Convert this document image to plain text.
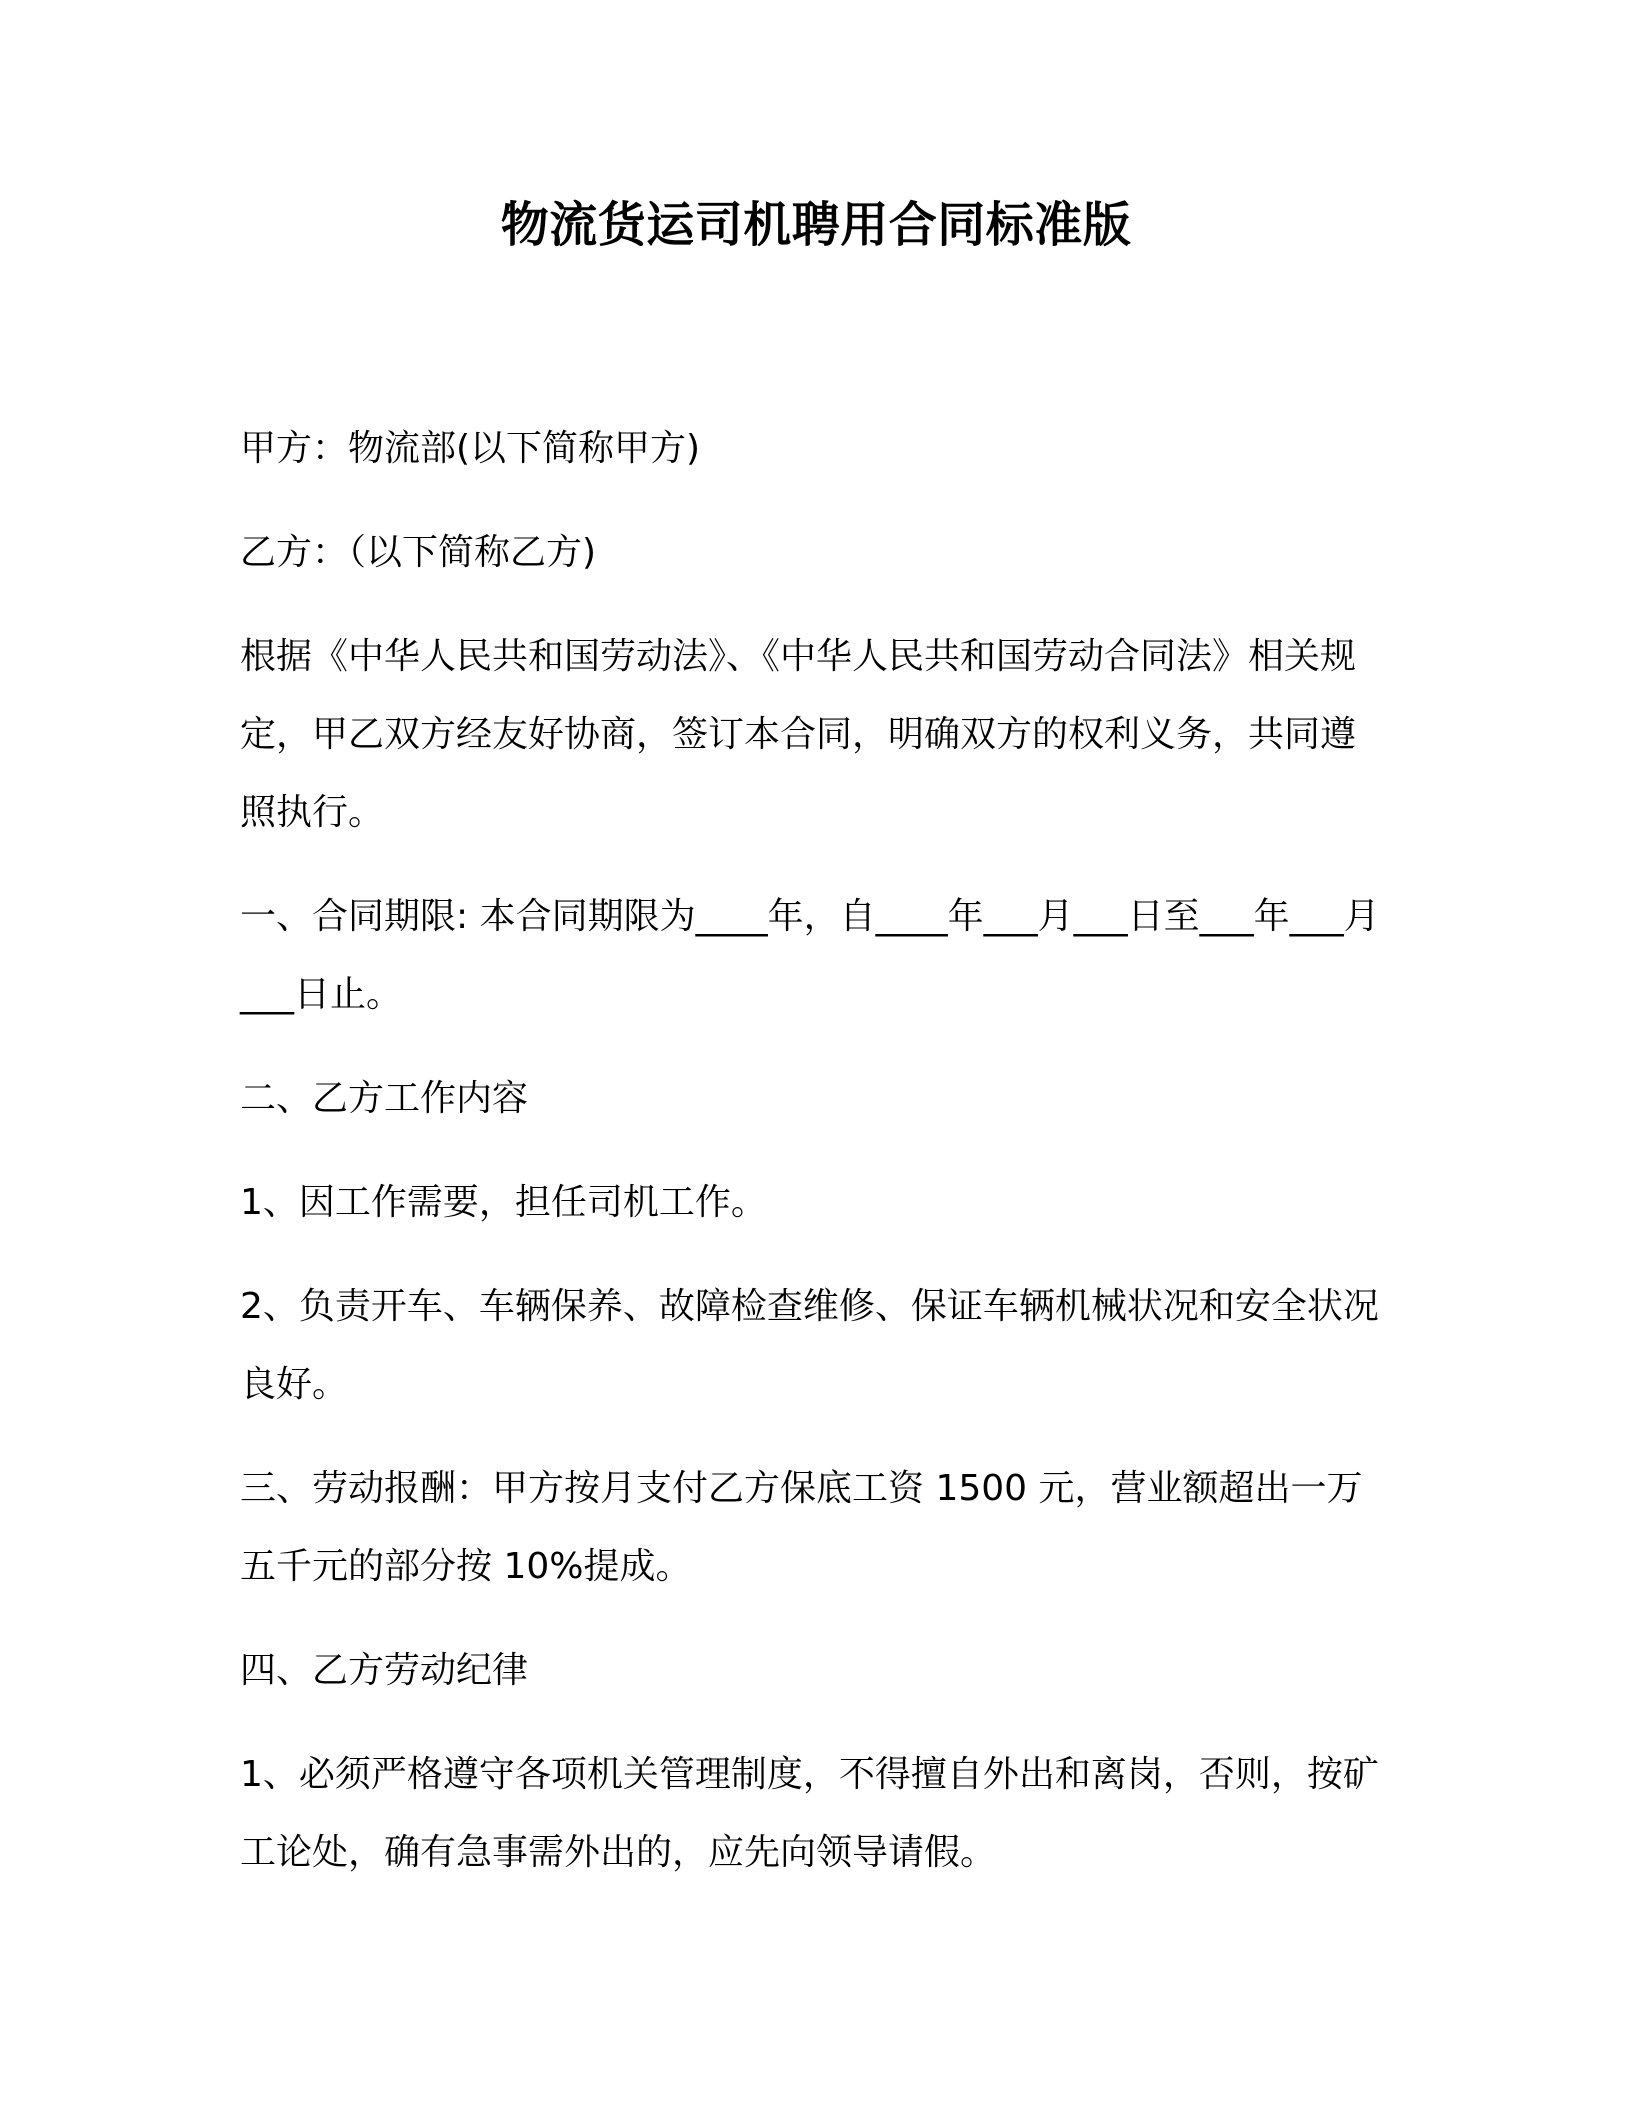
物流货运司机聘用合同标准版

甲方：物流部(以下简称甲方)

乙方：（以下简称乙方)

根据《中华人民共和国劳动法》、《中华人民共和国劳动合同法》相关规定，甲乙双方经友好协商，签订本合同，明确双方的权利义务，共同遵照执行。

一、合同期限: 本合同期限为____年，自____年___月___日至___年___月___日止。

二、乙方工作内容

1、因工作需要，担任司机工作。

2、负责开车、车辆保养、故障检查维修、保证车辆机械状况和安全状况良好。

三、劳动报酬：甲方按月支付乙方保底工资 1500 元，营业额超出一万五千元的部分按 10%提成。

四、乙方劳动纪律

1、必须严格遵守各项机关管理制度，不得擅自外出和离岗，否则，按矿工论处，确有急事需外出的，应先向领导请假。
